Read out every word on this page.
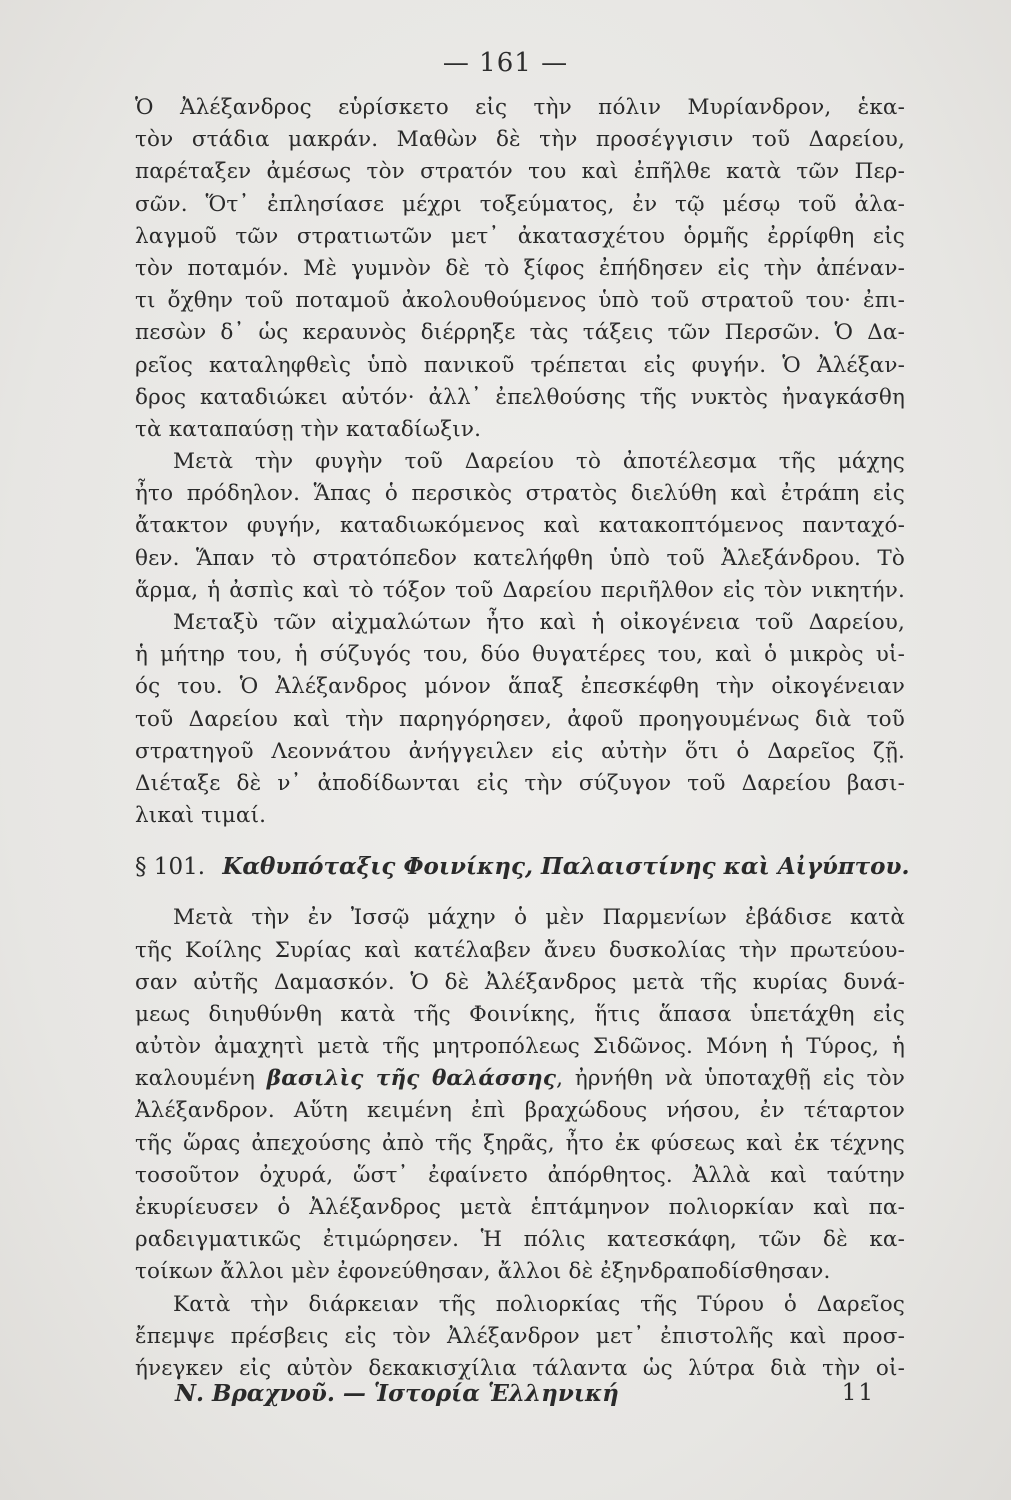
— 161 —
Ὁ Ἀλέξανδρος εὑρίσκετο εἰς τὴν πόλιν Μυρίανδρον, ἑκα-
τὸν στάδια μακράν. Μαθὼν δὲ τὴν προσέγγισιν τοῦ Δαρείου,
παρέταξεν ἀμέσως τὸν στρατόν του καὶ ἐπῆλθε κατὰ τῶν Περ-
σῶν. Ὅτ᾽ ἐπλησίασε μέχρι τοξεύματος, ἐν τῷ μέσῳ τοῦ ἀλα-
λαγμοῦ τῶν στρατιωτῶν μετ᾽ ἀκατασχέτου ὁρμῆς ἐρρίφθη εἰς
τὸν ποταμόν. Μὲ γυμνὸν δὲ τὸ ξίφος ἐπήδησεν εἰς τὴν ἀπέναν-
τι ὄχθην τοῦ ποταμοῦ ἀκολουθούμενος ὑπὸ τοῦ στρατοῦ του· ἐπι-
πεσὼν δ᾽ ὡς κεραυνὸς διέρρηξε τὰς τάξεις τῶν Περσῶν. Ὁ Δα-
ρεῖος καταληφθεὶς ὑπὸ πανικοῦ τρέπεται εἰς φυγήν. Ὁ Ἀλέξαν-
δρος καταδιώκει αὐτόν· ἀλλ᾽ ἐπελθούσης τῆς νυκτὸς ἠναγκάσθη
τὰ καταπαύσῃ τὴν καταδίωξιν.
Μετὰ τὴν φυγὴν τοῦ Δαρείου τὸ ἀποτέλεσμα τῆς μάχης
ἦτο πρόδηλον. Ἅπας ὁ περσικὸς στρατὸς διελύθη καὶ ἐτράπη εἰς
ἄτακτον φυγήν, καταδιωκόμενος καὶ κατακοπτόμενος πανταχό-
θεν. Ἅπαν τὸ στρατόπεδον κατελήφθη ὑπὸ τοῦ Ἀλεξάνδρου. Τὸ
ἅρμα, ἡ ἀσπὶς καὶ τὸ τόξον τοῦ Δαρείου περιῆλθον εἰς τὸν νικητήν.
Μεταξὺ τῶν αἰχμαλώτων ἦτο καὶ ἡ οἰκογένεια τοῦ Δαρείου,
ἡ μήτηρ του, ἡ σύζυγός του, δύο θυγατέρες του, καὶ ὁ μικρὸς υἱ-
ός του. Ὁ Ἀλέξανδρος μόνον ἅπαξ ἐπεσκέφθη τὴν οἰκογένειαν
τοῦ Δαρείου καὶ τὴν παρηγόρησεν, ἀφοῦ προηγουμένως διὰ τοῦ
στρατηγοῦ Λεοννάτου ἀνήγγειλεν εἰς αὐτὴν ὅτι ὁ Δαρεῖος ζῇ.
Διέταξε δὲ ν᾽ ἀποδίδωνται εἰς τὴν σύζυγον τοῦ Δαρείου βασι-
λικαὶ τιμαί.
§ 101. Καθυπόταξις Φοινίκης, Παλαιστίνης καὶ Αἰγύπτου.
Μετὰ τὴν ἐν Ἰσσῷ μάχην ὁ μὲν Παρμενίων ἐβάδισε κατὰ
τῆς Κοίλης Συρίας καὶ κατέλαβεν ἄνευ δυσκολίας τὴν πρωτεύου-
σαν αὐτῆς Δαμασκόν. Ὁ δὲ Ἀλέξανδρος μετὰ τῆς κυρίας δυνά-
μεως διηυθύνθη κατὰ τῆς Φοινίκης, ἥτις ἅπασα ὑπετάχθη εἰς
αὐτὸν ἀμαχητὶ μετὰ τῆς μητροπόλεως Σιδῶνος. Μόνη ἡ Τύρος, ἡ
καλουμένη βασιλὶς τῆς θαλάσσης, ἠρνήθη νὰ ὑποταχθῇ εἰς τὸν
Ἀλέξανδρον. Αὕτη κειμένη ἐπὶ βραχώδους νήσου, ἐν τέταρτον
τῆς ὥρας ἀπεχούσης ἀπὸ τῆς ξηρᾶς, ἦτο ἐκ φύσεως καὶ ἐκ τέχνης
τοσοῦτον ὀχυρά, ὥστ᾽ ἐφαίνετο ἀπόρθητος. Ἀλλὰ καὶ ταύτην
ἐκυρίευσεν ὁ Ἀλέξανδρος μετὰ ἑπτάμηνον πολιορκίαν καὶ πα-
ραδειγματικῶς ἐτιμώρησεν. Ἡ πόλις κατεσκάφη, τῶν δὲ κα-
τοίκων ἄλλοι μὲν ἐφονεύθησαν, ἄλλοι δὲ ἐξηνδραποδίσθησαν.
Κατὰ τὴν διάρκειαν τῆς πολιορκίας τῆς Τύρου ὁ Δαρεῖος
ἔπεμψε πρέσβεις εἰς τὸν Ἀλέξανδρον μετ᾽ ἐπιστολῆς καὶ προσ-
ήνεγκεν εἰς αὐτὸν δεκακισχίλια τάλαντα ὡς λύτρα διὰ τὴν οἰ-
Ν. Βραχνοῦ. — Ἱστορία Ἑλληνική	11
